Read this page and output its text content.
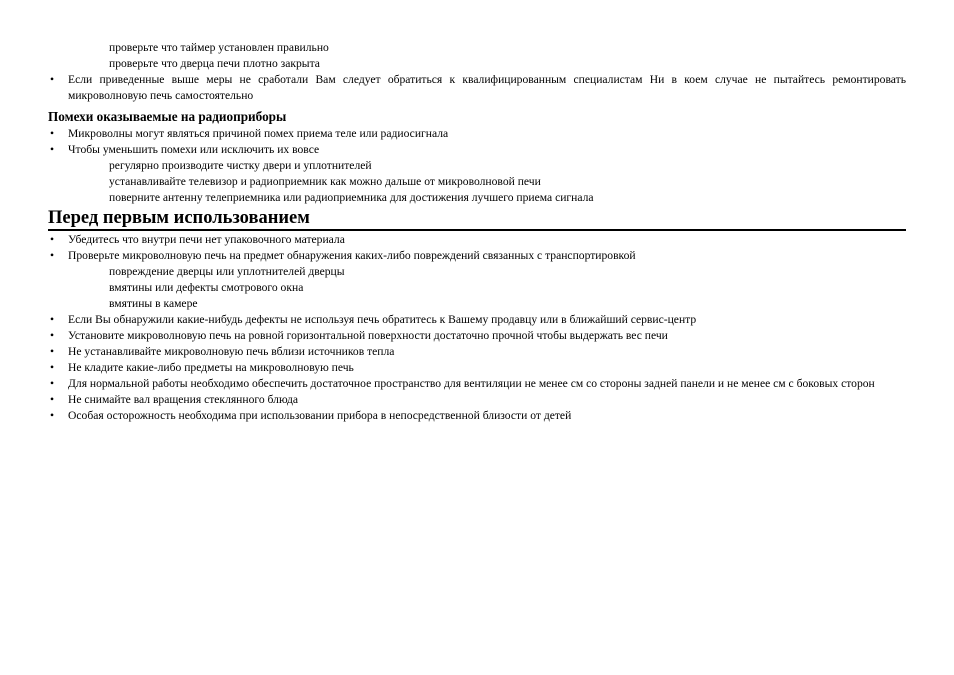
проверьте что таймер установлен правильно
проверьте что дверца печи плотно закрыта
• Если приведенные выше меры не сработали Вам следует обратиться к квалифицированным специалистам Ни в коем случае не пытайтесь ремонтировать микроволновую печь самостоятельно
Помехи оказываемые на радиоприборы
• Микроволны могут являться причиной помех приема теле или радиосигнала
• Чтобы уменьшить помехи или исключить их вовсе
регулярно производите чистку двери и уплотнителей
устанавливайте телевизор и радиоприемник как можно дальше от микроволновой печи
поверните антенну телеприемника или радиоприемника для достижения лучшего приема сигнала
Перед первым использованием
• Убедитесь что внутри печи нет упаковочного материала
• Проверьте микроволновую печь на предмет обнаружения каких-либо повреждений связанных с транспортировкой
повреждение дверцы или уплотнителей дверцы
вмятины или дефекты смотрового окна
вмятины в камере
• Если Вы обнаружили какие-нибудь дефекты не используя печь обратитесь к Вашему продавцу или в ближайший сервис-центр
• Установите микроволновую печь на ровной горизонтальной поверхности достаточно прочной чтобы выдержать вес печи
• Не устанавливайте микроволновую печь вблизи источников тепла
• Не кладите какие-либо предметы на микроволновую печь
• Для нормальной работы необходимо обеспечить достаточное пространство для вентиляции не менее см со стороны задней панели и не менее см с боковых сторон
• Не снимайте вал вращения стеклянного блюда
• Особая осторожность необходима при использовании прибора в непосредственной близости от детей
